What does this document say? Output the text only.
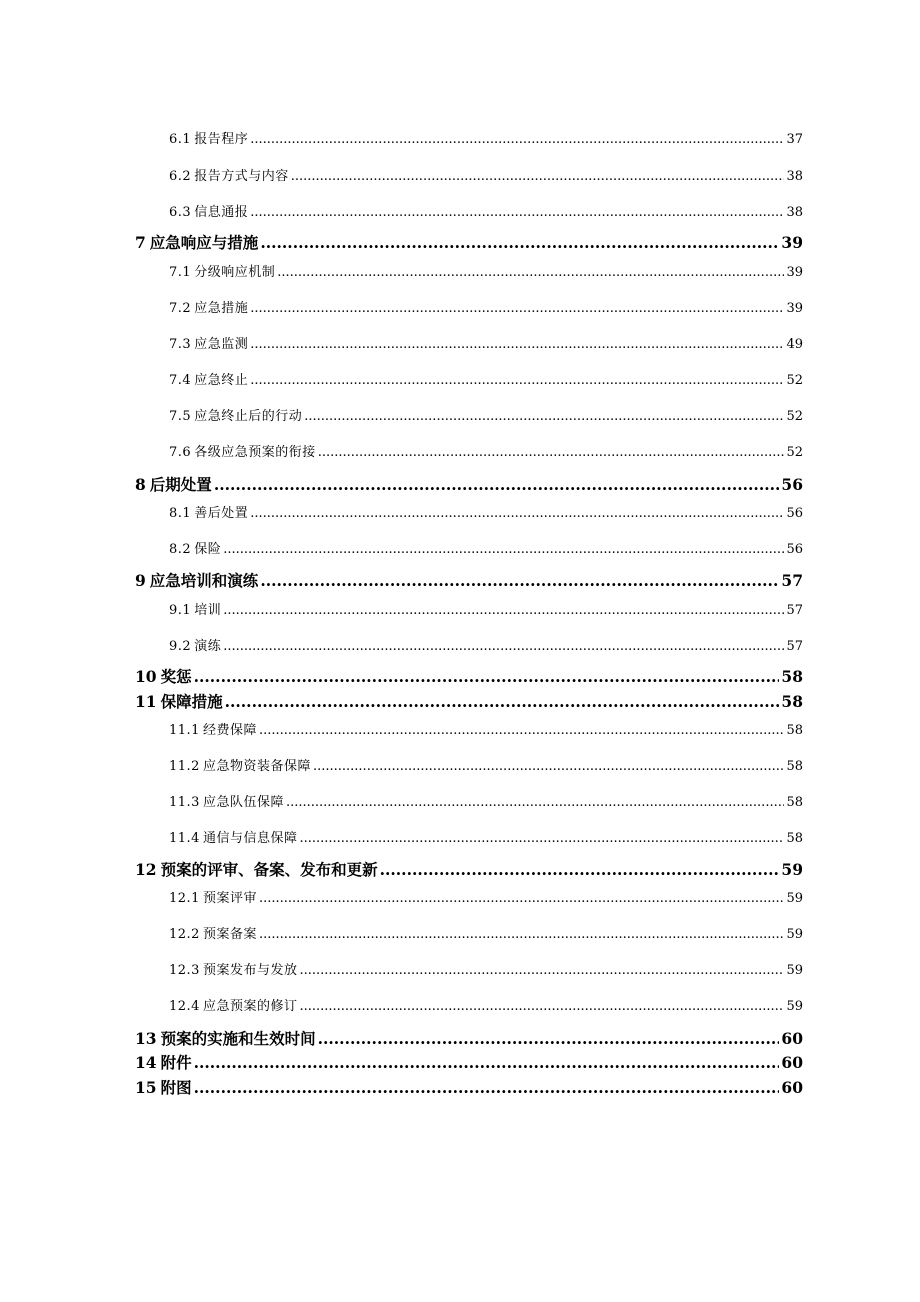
6.1 报告程序 .....	37
6.2 报告方式与内容 .....	38
6.3 信息通报 .....	38
7 应急响应与措施 .....	39
7.1 分级响应机制 .....	39
7.2 应急措施 .....	39
7.3 应急监测 .....	49
7.4 应急终止 .....	52
7.5 应急终止后的行动 .....	52
7.6 各级应急预案的衔接 .....	52
8 后期处置 .....	56
8.1 善后处置 .....	56
8.2 保险 .....	56
9 应急培训和演练 .....	57
9.1 培训 .....	57
9.2 演练 .....	57
10 奖惩 .....	58
11 保障措施 .....	58
11.1 经费保障 .....	58
11.2 应急物资装备保障 .....	58
11.3 应急队伍保障 .....	58
11.4 通信与信息保障 .....	58
12 预案的评审、备案、发布和更新 .....	59
12.1 预案评审 .....	59
12.2 预案备案 .....	59
12.3 预案发布与发放 .....	59
12.4 应急预案的修订 .....	59
13 预案的实施和生效时间 .....	60
14 附件 .....	60
15 附图 .....	60
